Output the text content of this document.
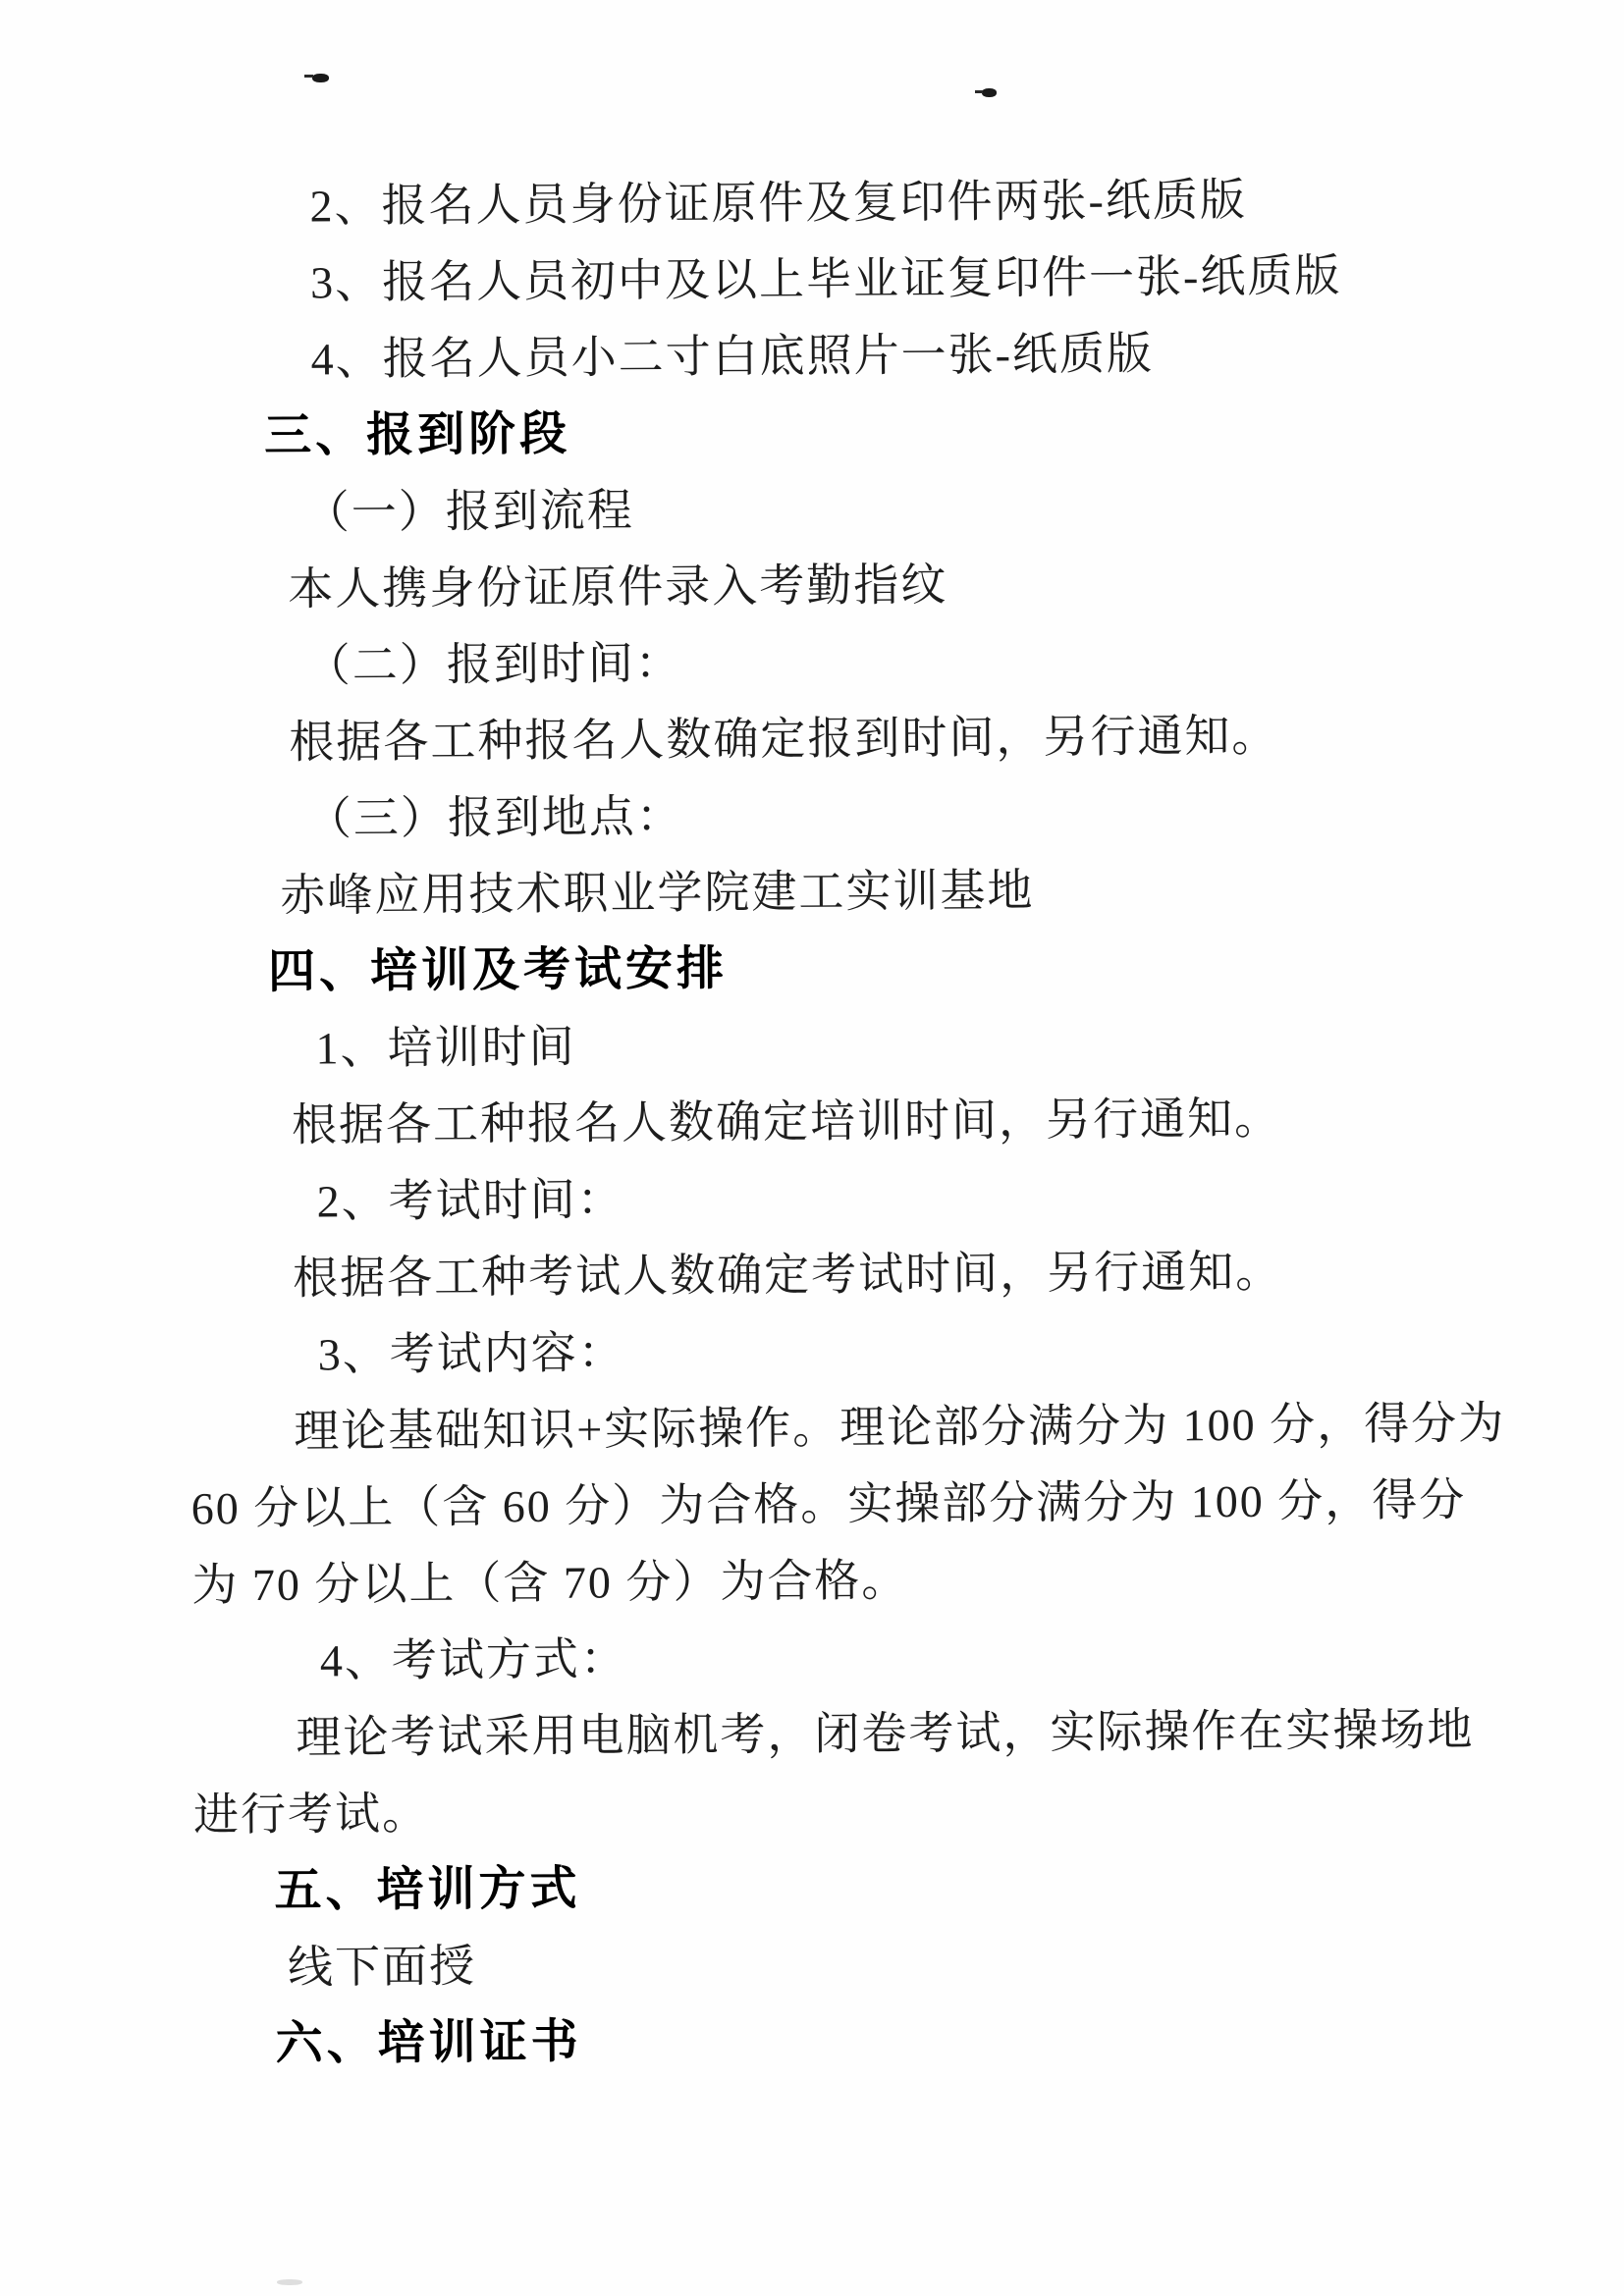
2、报名人员身份证原件及复印件两张-纸质版
3、报名人员初中及以上毕业证复印件一张-纸质版
4、报名人员小二寸白底照片一张-纸质版
三、报到阶段
（一）报到流程
本人携身份证原件录入考勤指纹
（二）报到时间：
根据各工种报名人数确定报到时间，另行通知。
（三）报到地点：
赤峰应用技术职业学院建工实训基地
四、培训及考试安排
1、培训时间
根据各工种报名人数确定培训时间，另行通知。
2、考试时间：
根据各工种考试人数确定考试时间，另行通知。
3、考试内容：
理论基础知识+实际操作。理论部分满分为 100 分，得分为
60 分以上（含 60 分）为合格。实操部分满分为 100 分，得分
为 70 分以上（含 70 分）为合格。
4、考试方式：
理论考试采用电脑机考，闭卷考试，实际操作在实操场地
进行考试。
五、培训方式
线下面授
六、培训证书
